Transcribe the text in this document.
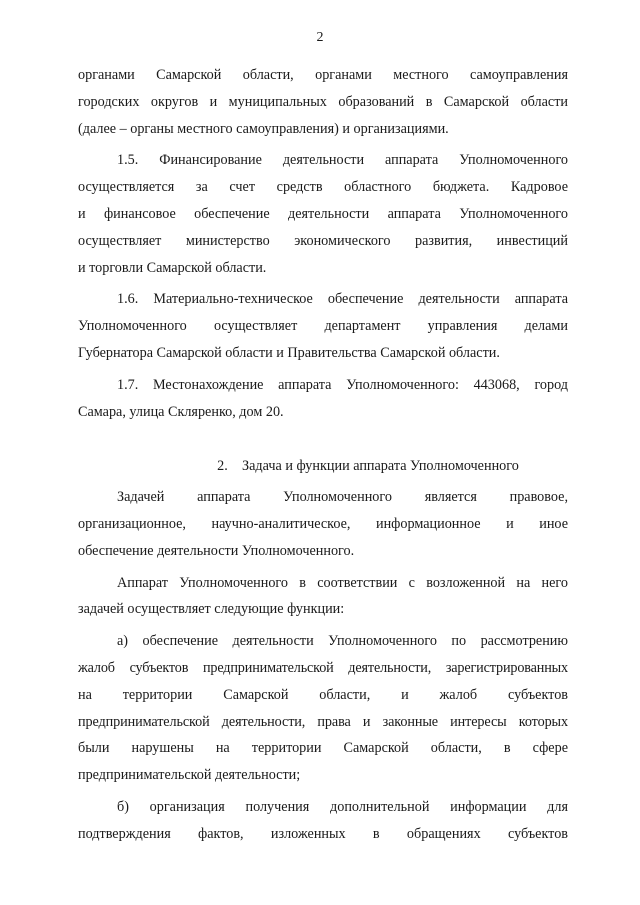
2

органами Самарской области, органами местного самоуправления
городских округов и муниципальных образований в Самарской области
(далее – органы местного самоуправления) и организациями.

1.5. Финансирование деятельности аппарата Уполномоченного
осуществляется за счет средств областного бюджета. Кадровое
и финансовое обеспечение деятельности аппарата Уполномоченного
осуществляет министерство экономического развития, инвестиций
и торговли Самарской области.

1.6. Материально-техническое обеспечение деятельности аппарата
Уполномоченного осуществляет департамент управления делами
Губернатора Самарской области и Правительства Самарской области.

1.7. Местонахождение аппарата Уполномоченного: 443068, город
Самара, улица Скляренко, дом 20.

2.    Задача и функции аппарата Уполномоченного

Задачей аппарата Уполномоченного является правовое,
организационное, научно-аналитическое, информационное и иное
обеспечение деятельности Уполномоченного.

Аппарат Уполномоченного в соответствии с возложенной на него
задачей осуществляет следующие функции:

а) обеспечение деятельности Уполномоченного по рассмотрению
жалоб субъектов предпринимательской деятельности, зарегистрированных
на территории Самарской области, и жалоб субъектов
предпринимательской деятельности, права и законные интересы которых
были нарушены на территории Самарской области, в сфере
предпринимательской деятельности;

б) организация получения дополнительной информации для
подтверждения фактов, изложенных в обращениях субъектов
